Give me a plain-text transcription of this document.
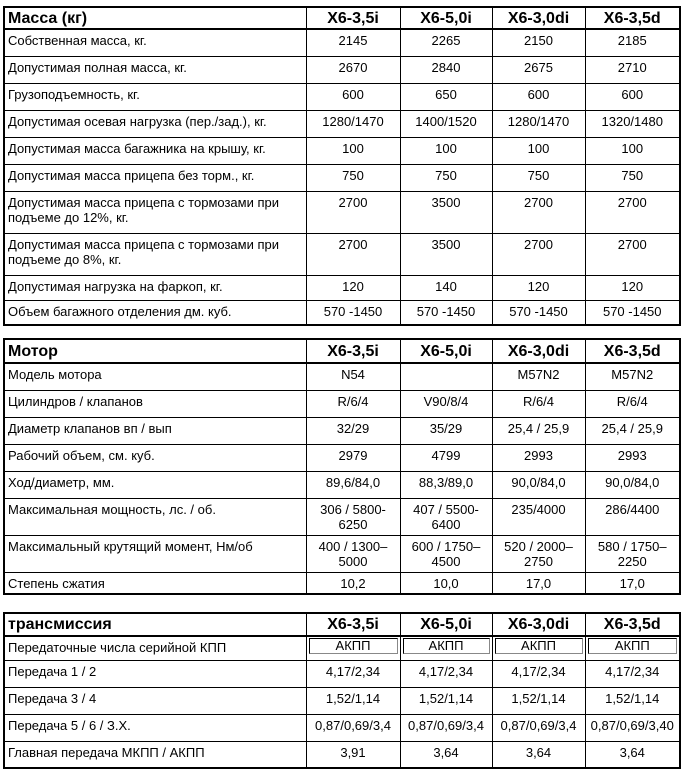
Масса (кг)	X6-3,5i	X6-5,0i	X6-3,0di	X6-3,5d
Собственная масса, кг.	2145	2265	2150	2185
Допустимая полная масса, кг.	2670	2840	2675	2710
Грузоподъемность, кг.	600	650	600	600
Допустимая осевая нагрузка (пер./зад.), кг.	1280/1470	1400/1520	1280/1470	1320/1480
Допустимая масса багажника на крышу, кг.	100	100	100	100
Допустимая масса прицепа без торм., кг.	750	750	750	750
Допустимая масса прицепа с тормозами при подъеме до 12%, кг.	2700	3500	2700	2700
Допустимая масса прицепа с тормозами при подъеме до 8%, кг.	2700	3500	2700	2700
Допустимая нагрузка на фаркоп, кг.	120	140	120	120
Объем багажного отделения дм. куб.	570 -1450	570 -1450	570 -1450	570 -1450
Мотор	X6-3,5i	X6-5,0i	X6-3,0di	X6-3,5d
Модель мотора	N54		M57N2	M57N2
Цилиндров / клапанов	R/6/4	V90/8/4	R/6/4	R/6/4
Диаметр клапанов вп / вып	32/29	35/29	25,4 / 25,9	25,4 / 25,9
Рабочий объем, см. куб.	2979	4799	2993	2993
Ход/диаметр, мм.	89,6/84,0	88,3/89,0	90,0/84,0	90,0/84,0
Максимальная мощность, лс. / об.	306 / 5800-6250	407 / 5500-6400	235/4000	286/4400
Максимальный крутящий момент, Нм/об	400 / 1300–5000	600 / 1750–4500	520 / 2000–2750	580 / 1750–2250
Степень сжатия	10,2	10,0	17,0	17,0
трансмиссия	X6-3,5i	X6-5,0i	X6-3,0di	X6-3,5d
Передаточные числа серийной КПП	АКПП	АКПП	АКПП	АКПП

Передача 1 / 2	4,17/2,34	4,17/2,34	4,17/2,34	4,17/2,34
Передача 3 / 4	1,52/1,14	1,52/1,14	1,52/1,14	1,52/1,14
Передача 5 / 6 / З.Х.	0,87/0,69/3,4	0,87/0,69/3,4	0,87/0,69/3,4	0,87/0,69/3,40
Главная передача МКПП / АКПП	3,91	3,64	3,64	3,64
